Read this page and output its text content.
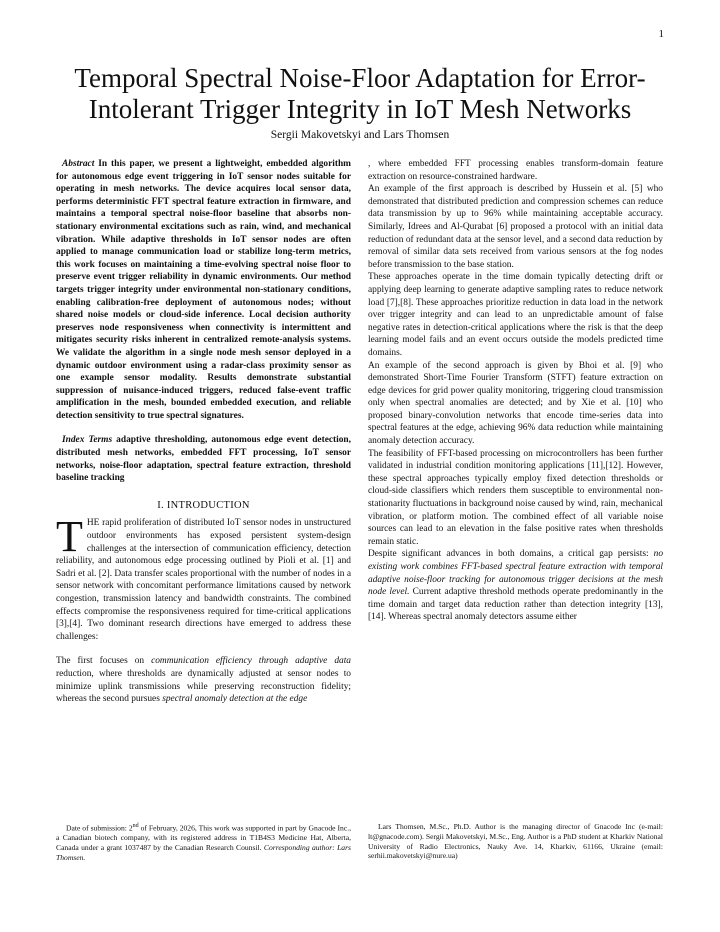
1
Temporal Spectral Noise-Floor Adaptation for Error-Intolerant Trigger Integrity in IoT Mesh Networks
Sergii Makovetskyi and Lars Thomsen

Abstract In this paper, we present a lightweight, embedded algorithm for autonomous edge event triggering in IoT sensor nodes suitable for operating in mesh networks. The device acquires local sensor data, performs deterministic FFT spectral feature extraction in firmware, and maintains a temporal spectral noise-floor baseline that absorbs non-stationary environmental excitations such as rain, wind, and mechanical vibration. While adaptive thresholds in IoT sensor nodes are often applied to manage communication load or stabilize long-term metrics, this work focuses on maintaining a time-evolving spectral noise floor to preserve event trigger reliability in dynamic environments. Our method targets trigger integrity under environmental non-stationary conditions, enabling calibration-free deployment of autonomous nodes; without shared noise models or cloud-side inference. Local decision authority preserves node responsiveness when connectivity is intermittent and mitigates security risks inherent in centralized remote-analysis systems. We validate the algorithm in a single node mesh sensor deployed in a dynamic outdoor environment using a radar-class proximity sensor as one example sensor modality. Results demonstrate substantial suppression of nuisance-induced triggers, reduced false-event traffic amplification in the mesh, bounded embedded execution, and reliable detection sensitivity to true spectral signatures.

Index Terms adaptive thresholding, autonomous edge event detection, distributed mesh networks, embedded FFT processing, IoT sensor networks, noise-floor adaptation, spectral feature extraction, threshold baseline tracking

I. INTRODUCTION

THE rapid proliferation of distributed IoT sensor nodes in unstructured outdoor environments has exposed persistent system-design challenges at the intersection of communication efficiency, detection reliability, and autonomous edge processing outlined by Pioli et al. [1] and Sadri et al. [2]. Data transfer scales proportional with the number of nodes in a sensor network with concomitant performance limitations caused by network congestion, transmission latency and bandwidth constraints. The combined effects compromise the responsiveness required for time-critical applications [3],[4]. Two dominant research directions have emerged to address these challenges:

The first focuses on communication efficiency through adaptive data reduction, where thresholds are dynamically adjusted at sensor nodes to minimize uplink transmissions while preserving reconstruction fidelity; whereas the second pursues spectral anomaly detection at the edge

, where embedded FFT processing enables transform-domain feature extraction on resource-constrained hardware.

An example of the first approach is described by Hussein et al. [5] who demonstrated that distributed prediction and compression schemes can reduce data transmission by up to 96% while maintaining acceptable accuracy. Similarly, Idrees and Al-Qurabat [6] proposed a protocol with an initial data reduction of redundant data at the sensor level, and a second data reduction by removal of similar data sets received from various sensors at the fog nodes before transmission to the base station.

These approaches operate in the time domain typically detecting drift or applying deep learning to generate adaptive sampling rates to reduce network load [7],[8]. These approaches prioritize reduction in data load in the network over trigger integrity and can lead to an unpredictable amount of false negative rates in detection-critical applications where the risk is that the deep learning model fails and an event occurs outside the models predicted time domains.

An example of the second approach is given by Bhoi et al. [9] who demonstrated Short-Time Fourier Transform (STFT) feature extraction on edge devices for grid power quality monitoring, triggering cloud transmission only when spectral anomalies are detected; and by Xie et al. [10] who proposed binary-convolution networks that encode time-series data into spectral features at the edge, achieving 96% data reduction while maintaining anomaly detection accuracy.

The feasibility of FFT-based processing on microcontrollers has been further validated in industrial condition monitoring applications [11],[12]. However, these spectral approaches typically employ fixed detection thresholds or cloud-side classifiers which renders them susceptible to environmental non-stationarity fluctuations in background noise caused by wind, rain, mechanical vibration, or platform motion. The combined effect of all variable noise sources can lead to an elevation in the false positive rates when thresholds remain static.

Despite significant advances in both domains, a critical gap persists: no existing work combines FFT-based spectral feature extraction with temporal adaptive noise-floor tracking for autonomous trigger decisions at the mesh node level. Current adaptive threshold methods operate predominantly in the time domain and target data reduction rather than detection integrity [13], [14]. Whereas spectral anomaly detectors assume either

Date of submission: 2nd of February, 2026, This work was supported in part by Gnacode Inc., a Canadian biotech company, with its registered address in T1B4S3 Medicine Hat, Alberta, Canada under a grant 1037487 by the Canadian Research Counsil. Corresponding author: Lars Thomsen.

Lars Thomsen, M.Sc., Ph.D. Author is the managing director of Gnacode Inc (e-mail: lt@gnacode.com). Sergii Makovetskyi, M.Sc., Eng. Author is a PhD student at Kharkiv National University of Radio Electronics, Nauky Ave. 14, Kharkiv, 61166, Ukraine (email: serhii.makovetskyi@nure.ua)
